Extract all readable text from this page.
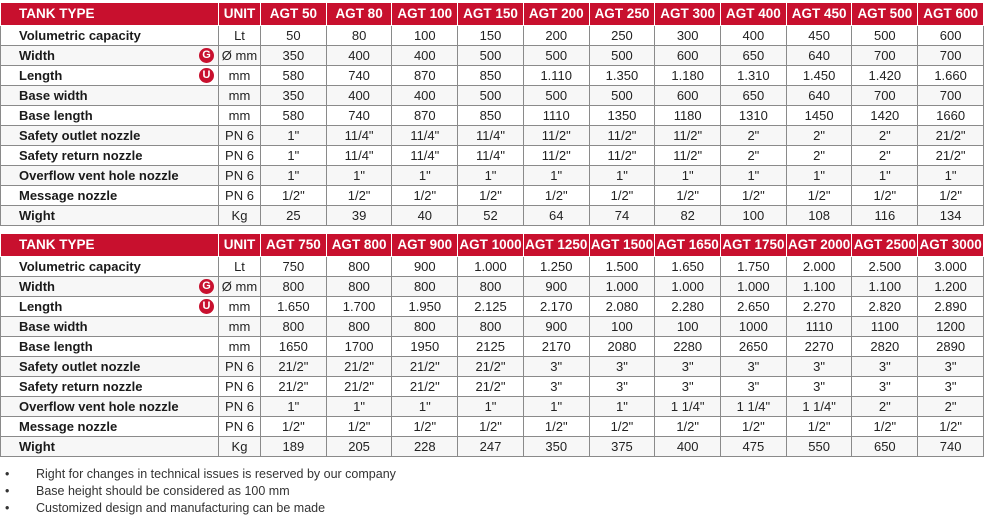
TANK TYPE	UNIT	AGT 50	AGT 80	AGT 100	AGT 150	AGT 200	AGT 250	AGT 300	AGT 400	AGT 450	AGT 500	AGT 600
Volumetric capacity	Lt	50	80	100	150	200	250	300	400	450	500	600
Width G	Ø mm	350	400	400	500	500	500	600	650	640	700	700
Length U	mm	580	740	870	850	1.110	1.350	1.180	1.310	1.450	1.420	1.660
Base width	mm	350	400	400	500	500	500	600	650	640	700	700
Base length	mm	580	740	870	850	1110	1350	1180	1310	1450	1420	1660
Safety outlet nozzle	PN 6	1"	11/4"	11/4"	11/4"	11/2"	11/2"	11/2"	2"	2"	2"	21/2"
Safety return nozzle	PN 6	1"	11/4"	11/4"	11/4"	11/2"	11/2"	11/2"	2"	2"	2"	21/2"
Overflow vent hole nozzle	PN 6	1"	1"	1"	1"	1"	1"	1"	1"	1"	1"	1"
Message nozzle	PN 6	1/2"	1/2"	1/2"	1/2"	1/2"	1/2"	1/2"	1/2"	1/2"	1/2"	1/2"
Wight	Kg	25	39	40	52	64	74	82	100	108	116	134
TANK TYPE	UNIT	AGT 750	AGT 800	AGT 900	AGT 1000	AGT 1250	AGT 1500	AGT 1650	AGT 1750	AGT 2000	AGT 2500	AGT 3000
Volumetric capacity	Lt	750	800	900	1.000	1.250	1.500	1.650	1.750	2.000	2.500	3.000
Width G	Ø mm	800	800	800	800	900	1.000	1.000	1.000	1.100	1.100	1.200
Length U	mm	1.650	1.700	1.950	2.125	2.170	2.080	2.280	2.650	2.270	2.820	2.890
Base width	mm	800	800	800	800	900	100	100	1000	1110	1100	1200
Base length	mm	1650	1700	1950	2125	2170	2080	2280	2650	2270	2820	2890
Safety outlet nozzle	PN 6	21/2"	21/2"	21/2"	21/2"	3"	3"	3"	3"	3"	3"	3"
Safety return nozzle	PN 6	21/2"	21/2"	21/2"	21/2"	3"	3"	3"	3"	3"	3"	3"
Overflow vent hole nozzle	PN 6	1"	1"	1"	1"	1"	1"	1 1/4"	1 1/4"	1 1/4"	2"	2"
Message nozzle	PN 6	1/2"	1/2"	1/2"	1/2"	1/2"	1/2"	1/2"	1/2"	1/2"	1/2"	1/2"
Wight	Kg	189	205	228	247	350	375	400	475	550	650	740
• Right for changes in technical issues is reserved by our company
• Base height should be considered as 100 mm
• Customized design and manufacturing can be made
